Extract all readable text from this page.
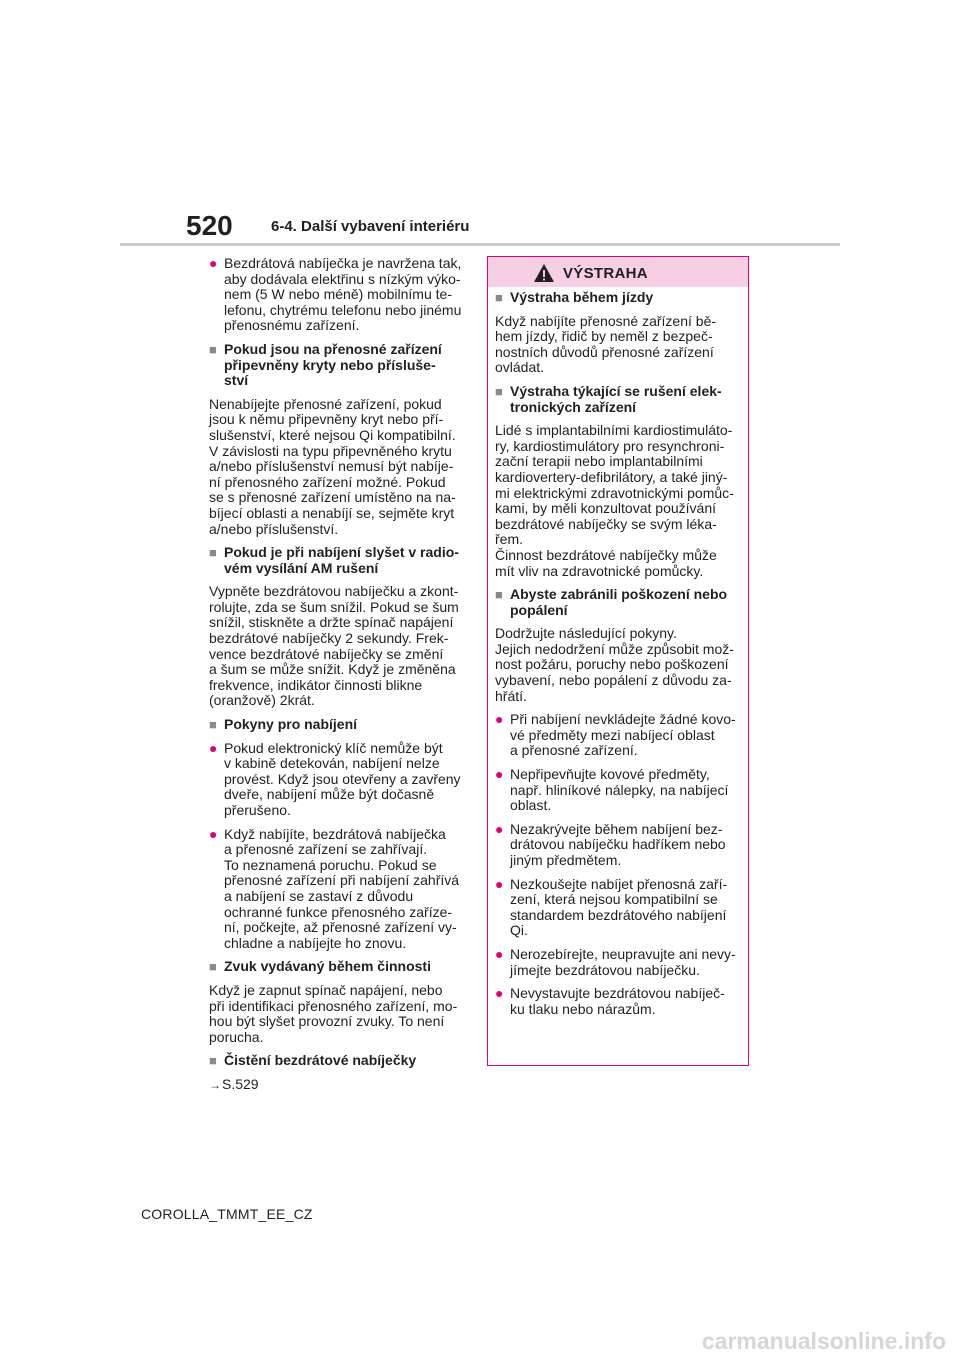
520	6-4. Další vybavení interiéru
● Bezdrátová nabíječka je navržena tak, aby dodávala elektřinu s nízkým výko-
nem (5 W nebo méně) mobilnímu te-
lefonu, chytrému telefonu nebo jinému
přenosnému zařízení.
■ Pokud jsou na přenosné zařízení
připevněny kryty nebo přísluše-
ství
Nenabíjejte přenosné zařízení, pokud
jsou k němu připevněny kryt nebo pří-
slušenství, které nejsou Qi kompatibilní.
V závislosti na typu připevněného krytu
a/nebo příslušenství nemusí být nabíje-
ní přenosného zařízení možné. Pokud
se s přenosné zařízení umístěno na na-
bíjecí oblasti a nenabíjí se, sejměte kryt
a/nebo příslušenství.
■ Pokud je při nabíjení slyšet v radio-
vém vysílání AM rušení
Vypněte bezdrátovou nabíječku a zkont-
rolujte, zda se šum snížil. Pokud se šum
snížil, stiskněte a držte spínač napájení
bezdrátové nabíječky 2 sekundy. Frek-
vence bezdrátové nabíječky se změní
a šum se může snížit. Když je změněna
frekvence, indikátor činnosti blikne
(oranžově) 2krát.
■ Pokyny pro nabíjení
● Pokud elektronický klíč nemůže být
v kabině detekován, nabíjení nelze
provést. Když jsou otevřeny a zavřeny
dveře, nabíjení může být dočasně
přerušeno.
● Když nabíjíte, bezdrátová nabíječka
a přenosné zařízení se zahřívají.
To neznamená poruchu. Pokud se
přenosné zařízení při nabíjení zahřívá
a nabíjení se zastaví z důvodu
ochranné funkce přenosného zaříze-
ní, počkejte, až přenosné zařízení vy-
chladne a nabíjejte ho znovu.
■ Zvuk vydávaný během činnosti
Když je zapnut spínač napájení, nebo
při identifikaci přenosného zařízení, mo-
hou být slyšet provozní zvuky. To není
porucha.
■ Čistění bezdrátové nabíječky
→ S.529
VÝSTRAHA
■ Výstraha během jízdy
Když nabíjíte přenosné zařízení bě-
hem jízdy, řidič by neměl z bezpeč-
nostních důvodů přenosné zařízení
ovládat.
■ Výstraha týkající se rušení elek-
tronických zařízení
Lidé s implantabilními kardiostimuláto-
ry, kardiostimulátory pro resynchroni-
zační terapii nebo implantabilními
kardiovertery-defibrilátory, a také jiný-
mi elektrickými zdravotnickými pomůc-
kami, by měli konzultovat používání
bezdrátové nabíječky se svým léka-
řem.
Činnost bezdrátové nabíječky může
mít vliv na zdravotnické pomůcky.
■ Abyste zabránili poškození nebo
popálení
Dodržujte následující pokyny.
Jejich nedodržení může způsobit mož-
nost požáru, poruchy nebo poškození
vybavení, nebo popálení z důvodu za-
hřátí.
● Při nabíjení nevkládejte žádné kovo-
vé předměty mezi nabíjecí oblast
a přenosné zařízení.
● Nepřipevňujte kovové předměty,
např. hliníkové nálepky, na nabíjecí
oblast.
● Nezakrývejte během nabíjení bez-
drátovou nabíječku hadříkem nebo
jiným předmětem.
● Nezkoušejte nabíjet přenosná zaří-
zení, která nejsou kompatibilní se
standardem bezdrátového nabíjení
Qi.
● Nerozebírejte, neupravujte ani nevy-
jímejte bezdrátovou nabíječku.
● Nevystavujte bezdrátovou nabíječ-
ku tlaku nebo nárazům.
COROLLA_TMMT_EE_CZ
carmanualsonline.info
